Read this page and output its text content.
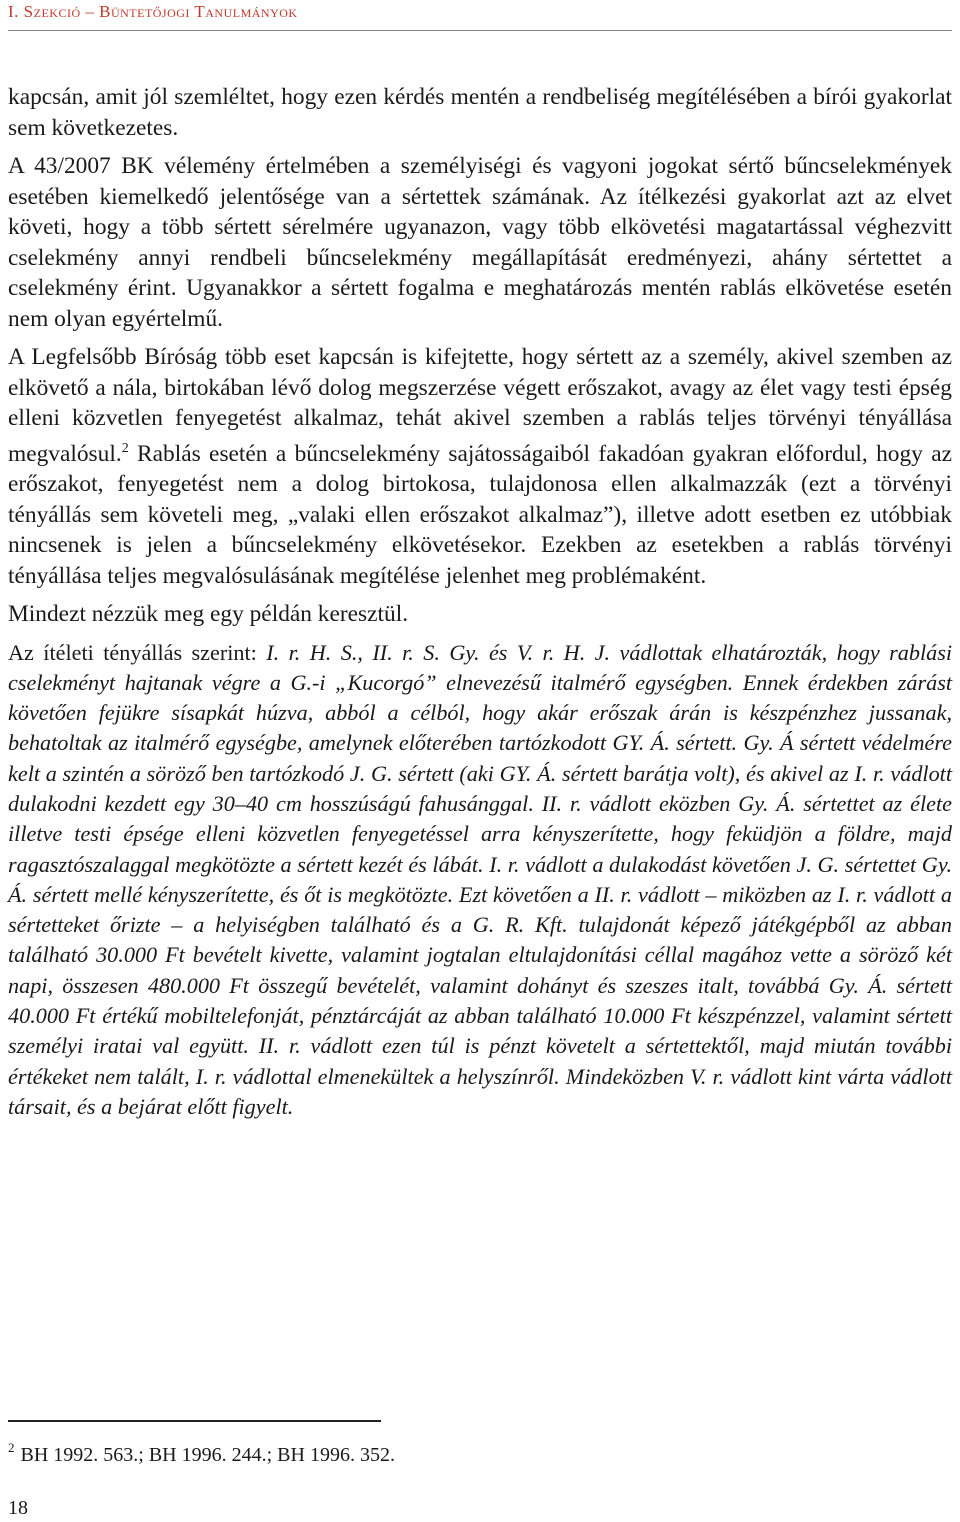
I. Szekció – Büntetőjogi Tanulmányok

kapcsán, amit jól szemléltet, hogy ezen kérdés mentén a rendbeliség megítélésében a bírói gyakorlat sem következetes.

A 43/2007 BK vélemény értelmében a személyiségi és vagyoni jogokat sértő bűncselekmények esetében kiemelkedő jelentősége van a sértettek számának. Az ítélkezési gyakorlat azt az elvet követi, hogy a több sértett sérelmére ugyanazon, vagy több elkövetési magatartással véghezvitt cselekmény annyi rendbeli bűncselekmény megállapítását eredményezi, ahány sértettet a cselekmény érint. Ugyanakkor a sértett fogalma e meghatározás mentén rablás elkövetése esetén nem olyan egyértelmű.

A Legfelsőbb Bíróság több eset kapcsán is kifejtette, hogy sértett az a személy, akivel szemben az elkövető a nála, birtokában lévő dolog megszerzése végett erőszakot, avagy az élet vagy testi épség elleni közvetlen fenyegetést alkalmaz, tehát akivel szemben a rablás teljes törvényi tényállása megvalósul.$^2$ Rablás esetén a bűncselekmény sajátosságaiból fakadóan gyakran előfordul, hogy az erőszakot, fenyegetést nem a dolog birtokosa, tulajdonosa ellen alkalmazzák (ezt a törvényi tényállás sem követeli meg, „valaki ellen erőszakot alkalmaz”), illetve adott esetben ez utóbbiak nincsenek is jelen a bűncselekmény elkövetésekor. Ezekben az esetekben a rablás törvényi tényállása teljes megvalósulásának megítélése jelenhet meg problémaként.

Mindezt nézzük meg egy példán keresztül.

Az ítéleti tényállás szerint: I. r. H. S., II. r. S. Gy. és V. r. H. J. vádlottak elhatározták, hogy rablási cselekményt hajtanak végre a G.-i „Kucorgó” elnevezésű italmérő egységben. Ennek érdekben zárást követően fejükre sísapkát húzva, abból a célból, hogy akár erőszak árán is készpénzhez jussanak, behatoltak az italmérő egységbe, amelynek előterében tartózkodott GY. Á. sértett. Gy. Á sértett védelmére kelt a szintén a söröző ben tartózkodó J. G. sértett (aki GY. Á. sértett barátja volt), és akivel az I. r. vádlott dulakodni kezdett egy 30–40 cm hosszúságú fahusánggal. II. r. vádlott eközben Gy. Á. sértettet az élete illetve testi épsége elleni közvetlen fenyegetéssel arra kényszerítette, hogy feküdjön a földre, majd ragasztószalaggal megkötözte a sértett kezét és lábát. I. r. vádlott a dulakodást követően J. G. sértettet Gy. Á. sértett mellé kényszerítette, és őt is megkötözte. Ezt követően a II. r. vádlott – miközben az I. r. vádlott a sértetteket őrizte – a helyiségben található és a G. R. Kft. tulajdonát képező játékgépből az abban található 30.000 Ft bevételt kivette, valamint jogtalan eltulajdonítási céllal magához vette a söröző két napi, összesen 480.000 Ft összegű bevételét, valamint dohányt és szeszes italt, továbbá Gy. Á. sértett 40.000 Ft értékű mobiltelefonját, pénztárcáját az abban található 10.000 Ft készpénzzel, valamint sértett személyi iratai val együtt. II. r. vádlott ezen túl is pénzt követelt a sértettektől, majd miután további értékeket nem talált, I. r. vádlottal elmenekültek a helyszínről. Mindeközben V. r. vádlott kint várta vádlott társait, és a bejárat előtt figyelt.

$^2$ BH 1992. 563.; BH 1996. 244.; BH 1996. 352.
18
